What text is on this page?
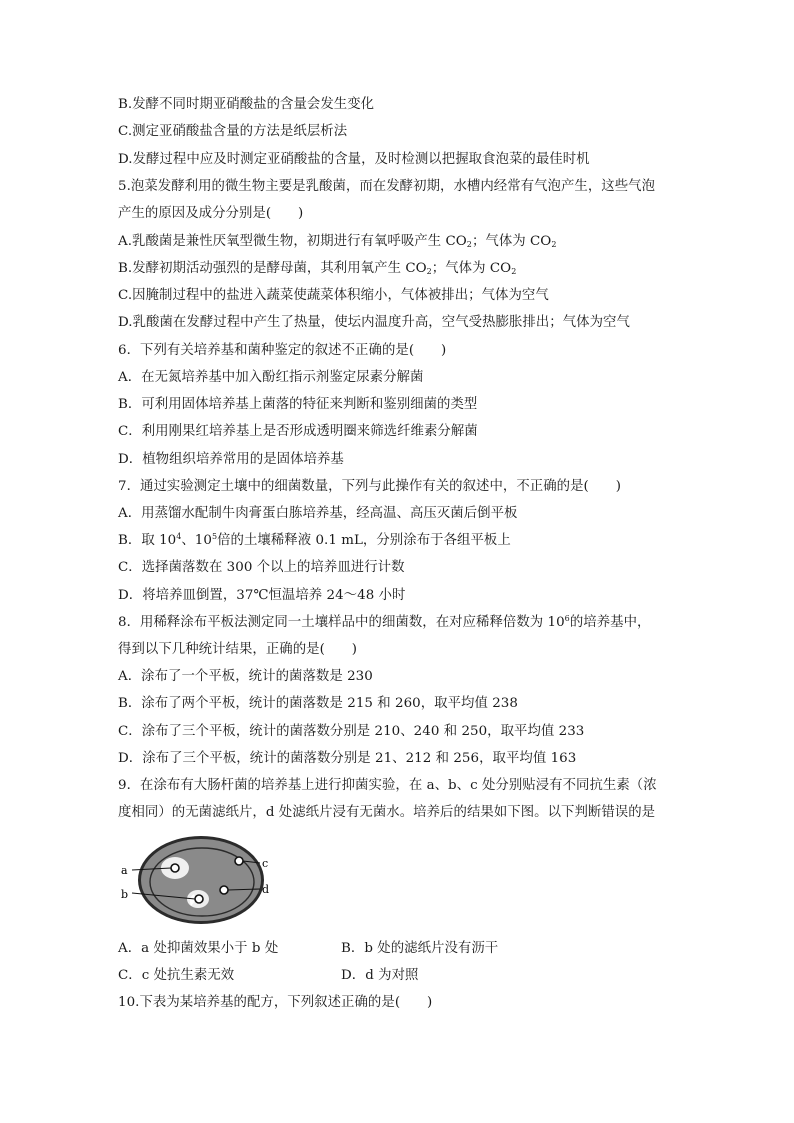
B.发酵不同时期亚硝酸盐的含量会发生变化
C.测定亚硝酸盐含量的方法是纸层析法
D.发酵过程中应及时测定亚硝酸盐的含量，及时检测以把握取食泡菜的最佳时机
5.泡菜发酵利用的微生物主要是乳酸菌，而在发酵初期，水槽内经常有气泡产生，这些气泡
产生的原因及成分分别是(　　)
A.乳酸菌是兼性厌氧型微生物，初期进行有氧呼吸产生 $CO_2$；气体为 $CO_2$
B.发酵初期活动强烈的是酵母菌，其利用氧产生 $CO_2$；气体为 $CO_2$
C.因腌制过程中的盐进入蔬菜使蔬菜体积缩小，气体被排出；气体为空气
D.乳酸菌在发酵过程中产生了热量，使坛内温度升高，空气受热膨胀排出；气体为空气
6．下列有关培养基和菌种鉴定的叙述不正确的是(　　)
A．在无氮培养基中加入酚红指示剂鉴定尿素分解菌
B．可利用固体培养基上菌落的特征来判断和鉴别细菌的类型
C．利用刚果红培养基上是否形成透明圈来筛选纤维素分解菌
D．植物组织培养常用的是固体培养基
7．通过实验测定土壤中的细菌数量，下列与此操作有关的叙述中，不正确的是(　　)
A．用蒸馏水配制牛肉膏蛋白胨培养基，经高温、高压灭菌后倒平板
B．取 $10^4$、$10^5$倍的土壤稀释液 0.1 mL，分别涂布于各组平板上
C．选择菌落数在 300 个以上的培养皿进行计数
D．将培养皿倒置，37℃恒温培养 24～48 小时
8．用稀释涂布平板法测定同一土壤样品中的细菌数，在对应稀释倍数为 $10^6$的培养基中，
得到以下几种统计结果，正确的是(　　)
A．涂布了一个平板，统计的菌落数是 230
B．涂布了两个平板，统计的菌落数是 215 和 260，取平均值 238
C．涂布了三个平板，统计的菌落数分别是 210、240 和 250，取平均值 233
D．涂布了三个平板，统计的菌落数分别是 21、212 和 256，取平均值 163
9．在涂布有大肠杆菌的培养基上进行抑菌实验，在 a、b、c 处分别贴浸有不同抗生素（浓
度相同）的无菌滤纸片，d 处滤纸片浸有无菌水。培养后的结果如下图。以下判断错误的是
a
b
c
d
A．a 处抑菌效果小于 b 处	B．b 处的滤纸片没有沥干
C．c 处抗生素无效	D．d 为对照
10.下表为某培养基的配方，下列叙述正确的是(　　)
